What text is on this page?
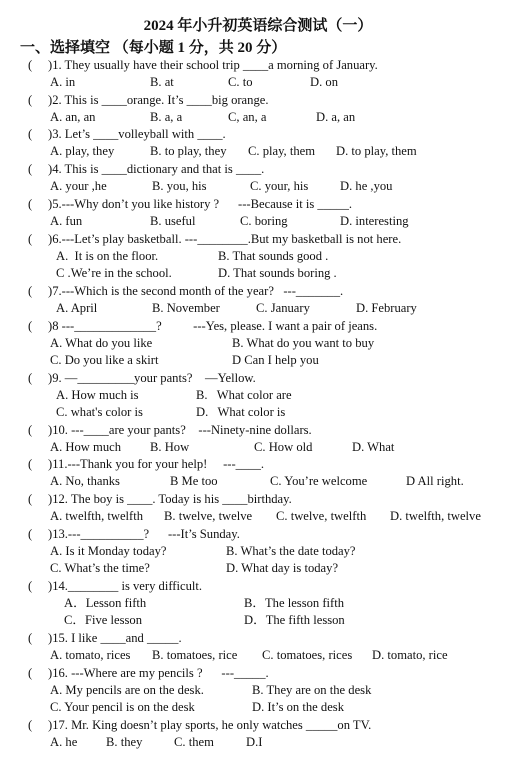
2024 年小升初英语综合测试（一）
一、选择填空 （每小题 1 分，共 20 分）
( )1. They usually have their school trip ____a morning of January.
A. in	B. at	C. to	D. on
( )2. This is ____orange. It’s ____big orange.
A. an, an	B. a, a	C, an, a	D. a, an
( )3. Let’s ____volleyball with ____.
A. play, they	B. to play, they C. play, them D. to play, them
( )4. This is ____dictionary and that is ____.
A. your ,he	B. you, his	C. your, his	D. he ,you
( )5.---Why don’t you like history ?      ---Because it is _____.
A. fun	B. useful	C. boring	D. interesting
( )6.---Let’s play basketball. ---________.But my basketball is not here.
A.  It is on the floor.	B. That sounds good .
C .We’re in the school.	D. That sounds boring .
( )7.---Which is the second month of the year?   ---_______.
A. April	B. November	C. January	D. February
( )8 ---_____________?          ---Yes, please. I want a pair of jeans.
A. What do you like	B. What do you want to buy
C. Do you like a skirt	D Can I help you
( )9. —_________your pants?    —Yellow.
A. How much is	B.   What color are
C. what's color is	D.   What color is
( )10. ---____are your pants?    ---Ninety-nine dollars.
A. How much B. How	C. How old	D. What
( )11.---Thank you for your help!     ---____.
A. No, thanks	B Me too	C. You’re welcome	D All right.
( )12. The boy is ____. Today is his ____birthday.
A. twelfth, twelfth B. twelve, twelve C. twelve, twelfth D. twelfth, twelve
( )13.---__________?      ---It’s Sunday.
A. Is it Monday today?	B. What’s the date today?
C. What’s the time?	D. What day is today?
( )14.________ is very difficult.
A．Lesson fifth	B．The lesson fifth
C．Five lesson	D．The fifth lesson
( )15. I like ____and _____.
A. tomato, rices B. tomatoes, rice C. tomatoes, rices D. tomato, rice
( )16. ---Where are my pencils ?      ---_____.
A. My pencils are on the desk.	B. They are on the desk
C. Your pencil is on the desk	D. It’s on the desk
( )17. Mr. King doesn’t play sports, he only watches _____on TV.
A. he B. they	C. them	D.I
